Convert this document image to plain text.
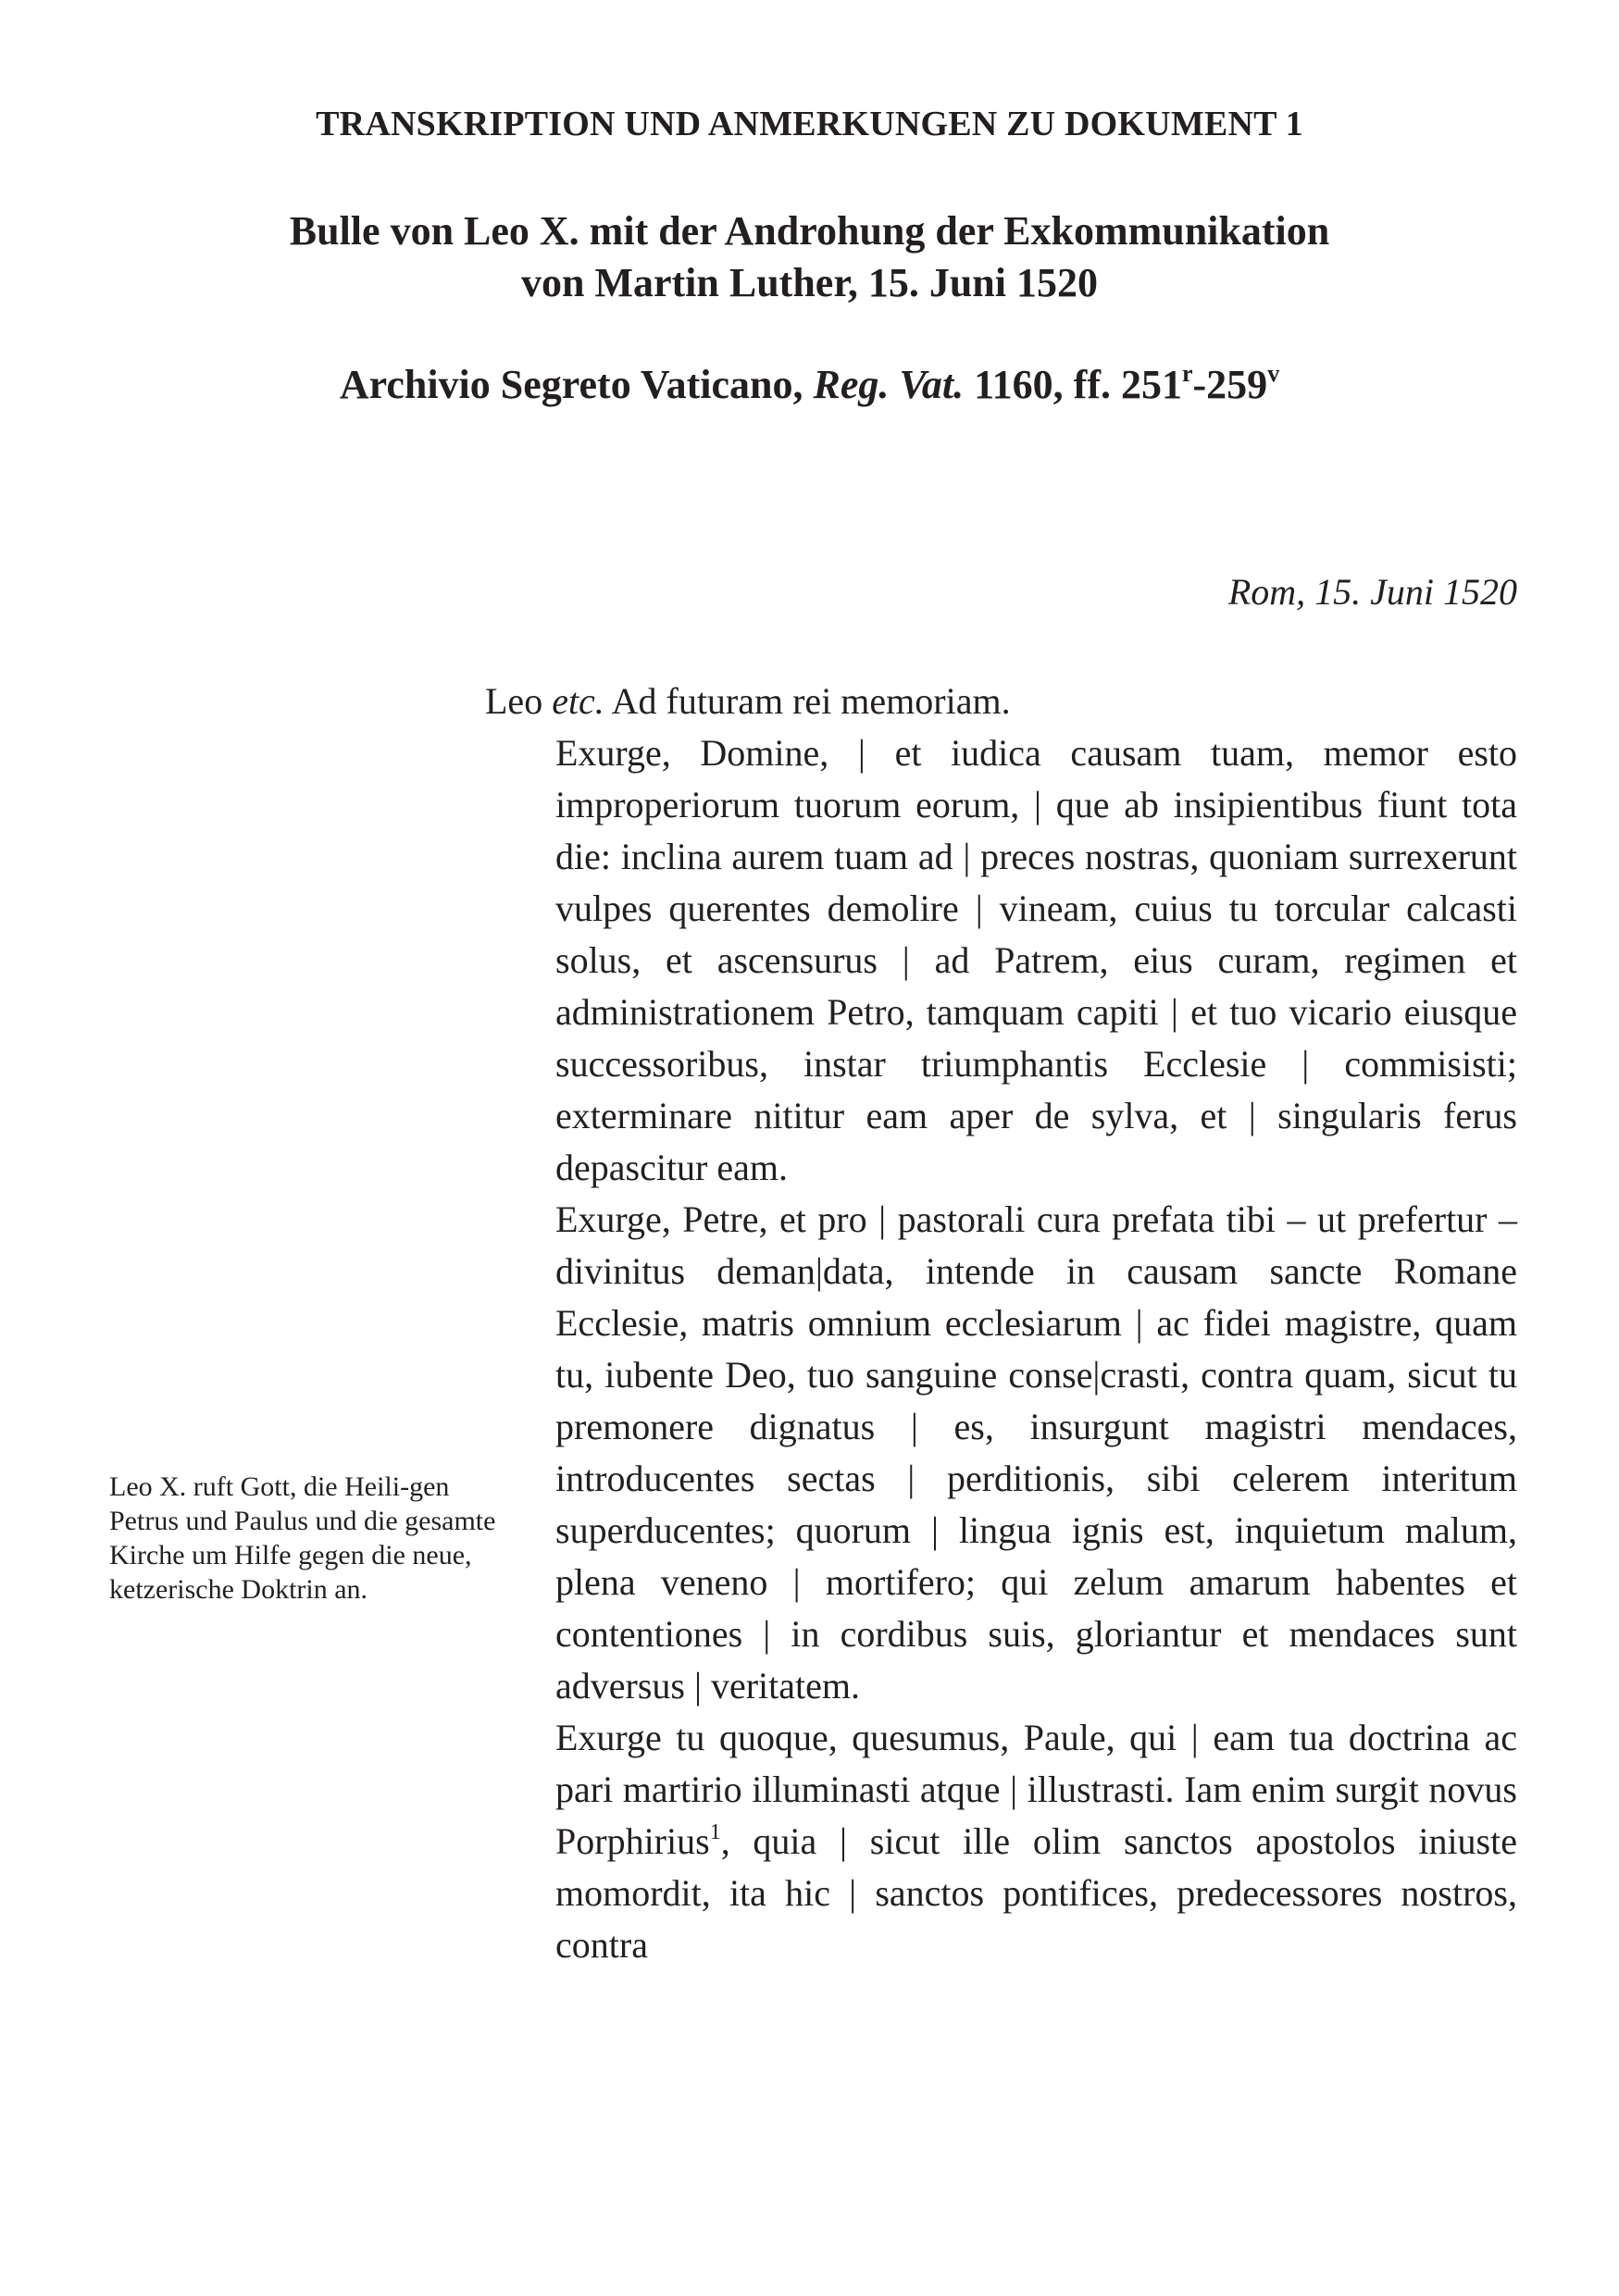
TRANSKRIPTION UND ANMERKUNGEN ZU DOKUMENT 1
Bulle von Leo X. mit der Androhung der Exkommunikation
von Martin Luther, 15. Juni 1520
Archivio Segreto Vaticano, Reg. Vat. 1160, ff. 251$^r$-259$^v$
Rom, 15. Juni 1520
Leo X. ruft Gott, die Heili-gen Petrus und Paulus und die gesamte Kirche um Hilfe gegen die neue, ketzerische Doktrin an.
Leo etc. Ad futuram rei memoriam.

Exurge, Domine, | et iudica causam tuam, memor esto improperiorum tuorum eorum, | que ab insipientibus fiunt tota die: inclina aurem tuam ad | preces nostras, quoniam surrexerunt vulpes querentes demolire | vineam, cuius tu torcular calcasti solus, et ascensurus | ad Patrem, eius curam, regimen et administrationem Petro, tamquam capiti | et tuo vicario eiusque successoribus, instar triumphantis Ecclesie | commisisti; exterminare nititur eam aper de sylva, et | singularis ferus depascitur eam.

Exurge, Petre, et pro | pastorali cura prefata tibi – ut prefertur – divinitus deman|data, intende in causam sancte Romane Ecclesie, matris omnium ecclesiarum | ac fidei magistre, quam tu, iubente Deo, tuo sanguine conse|crasti, contra quam, sicut tu premonere dignatus | es, insurgunt magistri mendaces, introducentes sectas | perditionis, sibi celerem interitum superducentes; quorum | lingua ignis est, inquietum malum, plena veneno | mortifero; qui zelum amarum habentes et contentiones | in cordibus suis, gloriantur et mendaces sunt adversus | veritatem.

Exurge tu quoque, quesumus, Paule, qui | eam tua doctrina ac pari martirio illuminasti atque | illustrasti. Iam enim surgit novus Porphirius$^1$, quia | sicut ille olim sanctos apostolos iniuste momordit, ita hic | sanctos pontifices, predecessores nostros, contra
